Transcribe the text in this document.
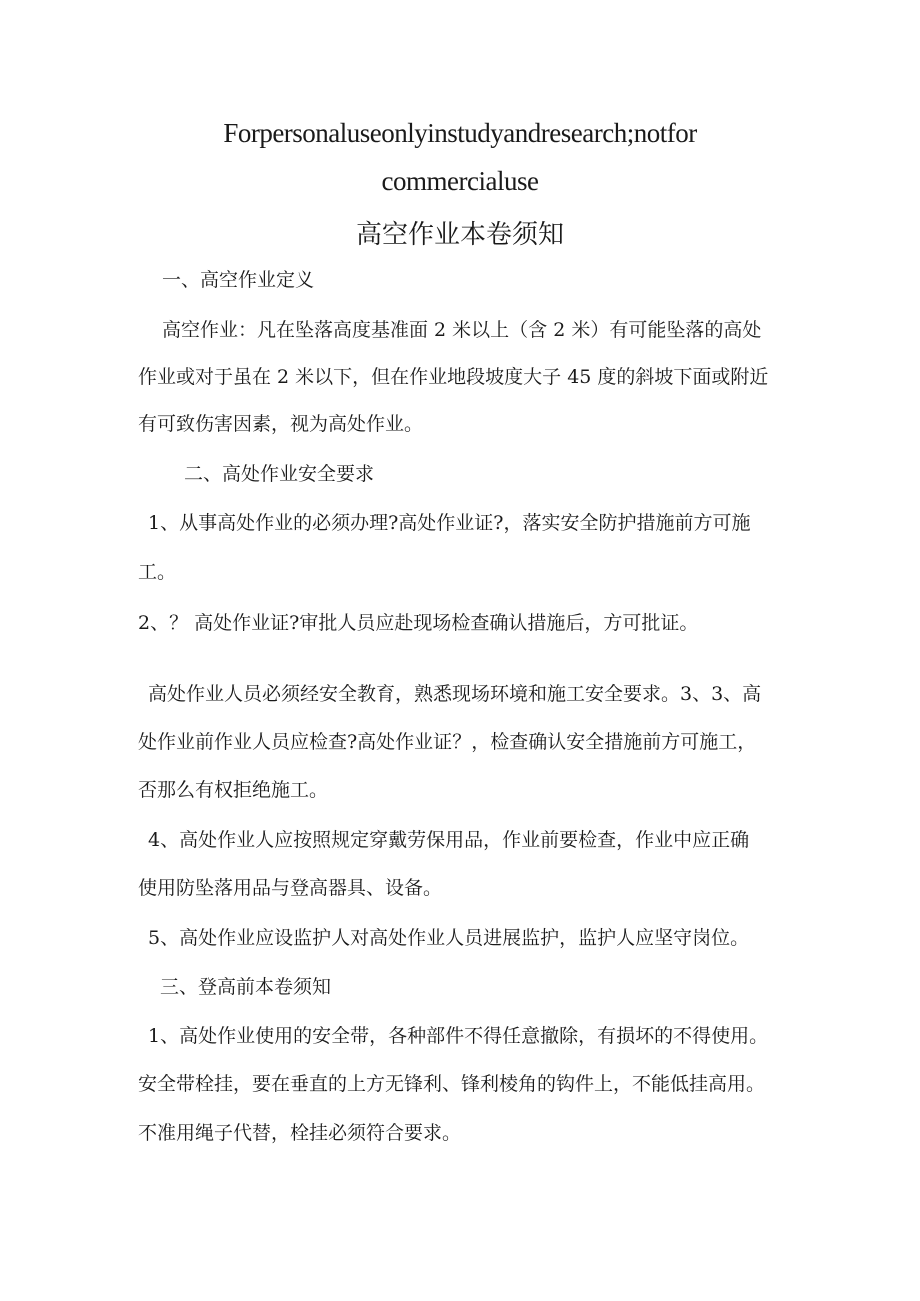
Forpersonaluseonlyinstudyandresearch;notfor
commercialuse
高空作业本卷须知
一、高空作业定义
高空作业：凡在坠落高度基准面 2 米以上（含 2 米）有可能坠落的高处
作业或对于虽在 2 米以下，但在作业地段坡度大子 45 度的斜坡下面或附近
有可致伤害因素，视为高处作业。
二、高处作业安全要求
1、从事高处作业的必须办理?高处作业证?，落实安全防护措施前方可施
工。
2、？ 高处作业证?审批人员应赴现场检查确认措施后，方可批证。
高处作业人员必须经安全教育，熟悉现场环境和施工安全要求。3、3、高
处作业前作业人员应检查?高处作业证？，检查确认安全措施前方可施工，
否那么有权拒绝施工。
4、高处作业人应按照规定穿戴劳保用品，作业前要检查，作业中应正确
使用防坠落用品与登高器具、设备。
5、高处作业应设监护人对高处作业人员进展监护，监护人应坚守岗位。
三、登高前本卷须知
1、高处作业使用的安全带，各种部件不得任意撤除，有损坏的不得使用。
安全带栓挂，要在垂直的上方无锋利、锋利棱角的钩件上，不能低挂高用。
不准用绳子代替，栓挂必须符合要求。
